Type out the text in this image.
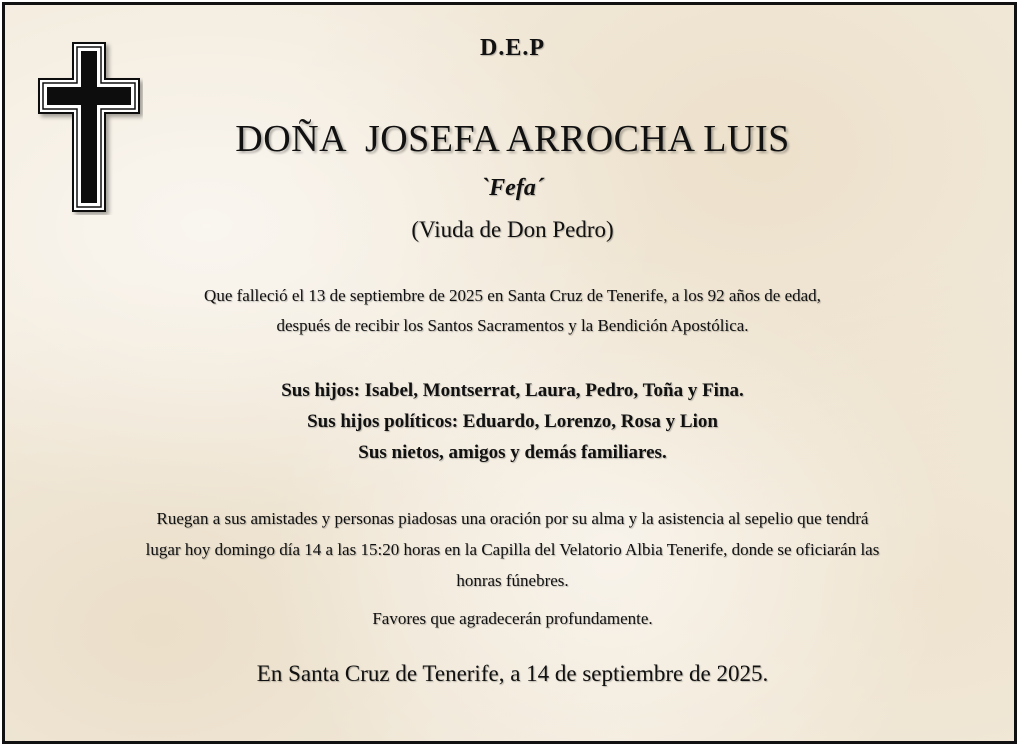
D.E.P
DOÑA  JOSEFA ARROCHA LUIS
`Fefa´
(Viuda de Don Pedro)
Que falleció el 13 de septiembre de 2025 en Santa Cruz de Tenerife, a los 92 años de edad,
después de recibir los Santos Sacramentos y la Bendición Apostólica.
Sus hijos: Isabel, Montserrat, Laura, Pedro, Toña y Fina.
Sus hijos políticos: Eduardo, Lorenzo, Rosa y Lion
Sus nietos, amigos y demás familiares.
Ruegan a sus amistades y personas piadosas una oración por su alma y la asistencia al sepelio que tendrá
lugar hoy domingo día 14 a las 15:20 horas en la Capilla del Velatorio Albia Tenerife, donde se oficiarán las
honras fúnebres.
Favores que agradecerán profundamente.
En Santa Cruz de Tenerife, a 14 de septiembre de 2025.
